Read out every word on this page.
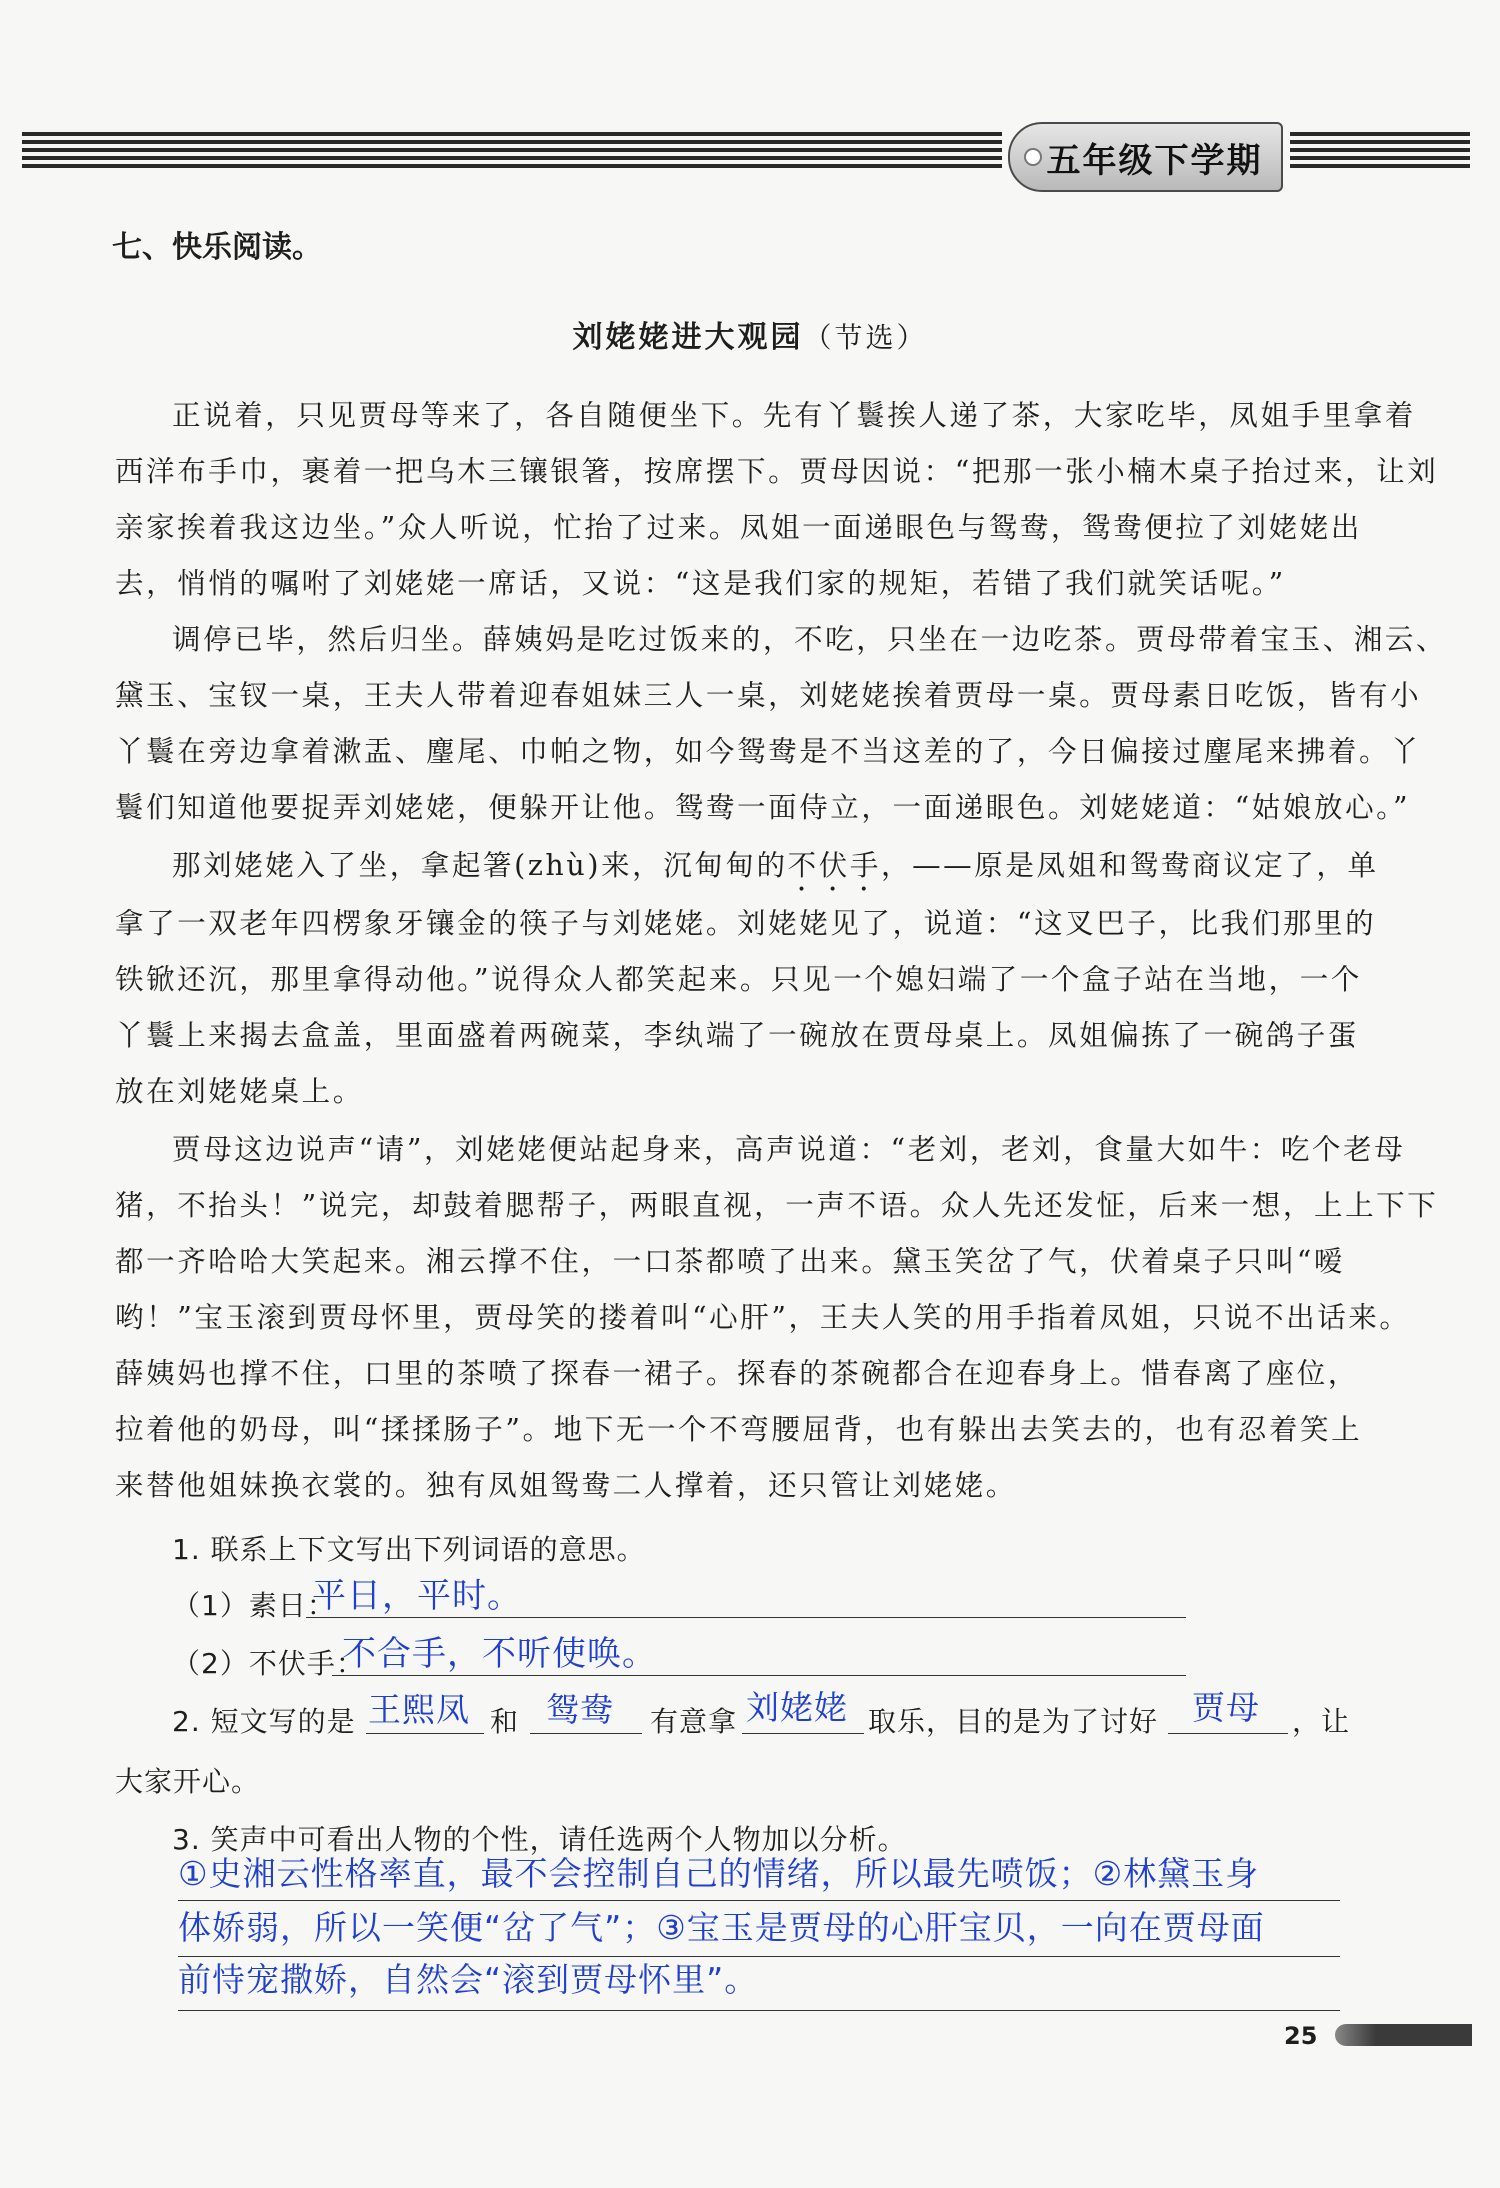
五年级下学期
七、快乐阅读。
刘姥姥进大观园（节选）
正说着，只见贾母等来了，各自随便坐下。先有丫鬟挨人递了茶，大家吃毕，凤姐手里拿着
西洋布手巾，裹着一把乌木三镶银箸，按席摆下。贾母因说：“把那一张小楠木桌子抬过来，让刘
亲家挨着我这边坐。”众人听说，忙抬了过来。凤姐一面递眼色与鸳鸯，鸳鸯便拉了刘姥姥出
去，悄悄的嘱咐了刘姥姥一席话，又说：“这是我们家的规矩，若错了我们就笑话呢。”
调停已毕，然后归坐。薛姨妈是吃过饭来的，不吃，只坐在一边吃茶。贾母带着宝玉、湘云、
黛玉、宝钗一桌，王夫人带着迎春姐妹三人一桌，刘姥姥挨着贾母一桌。贾母素日吃饭，皆有小
丫鬟在旁边拿着漱盂、麈尾、巾帕之物，如今鸳鸯是不当这差的了，今日偏接过麈尾来拂着。丫
鬟们知道他要捉弄刘姥姥，便躲开让他。鸳鸯一面侍立，一面递眼色。刘姥姥道：“姑娘放心。”
那刘姥姥入了坐，拿起箸(zhù)来，沉甸甸的不伏手，——原是凤姐和鸳鸯商议定了，单
拿了一双老年四楞象牙镶金的筷子与刘姥姥。刘姥姥见了，说道：“这叉巴子，比我们那里的
铁锨还沉，那里拿得动他。”说得众人都笑起来。只见一个媳妇端了一个盒子站在当地，一个
丫鬟上来揭去盒盖，里面盛着两碗菜，李纨端了一碗放在贾母桌上。凤姐偏拣了一碗鸽子蛋
放在刘姥姥桌上。
贾母这边说声“请”，刘姥姥便站起身来，高声说道：“老刘，老刘，食量大如牛：吃个老母
猪，不抬头！”说完，却鼓着腮帮子，两眼直视，一声不语。众人先还发怔，后来一想，上上下下
都一齐哈哈大笑起来。湘云撑不住，一口茶都喷了出来。黛玉笑岔了气，伏着桌子只叫“嗳
哟！”宝玉滚到贾母怀里，贾母笑的搂着叫“心肝”，王夫人笑的用手指着凤姐，只说不出话来。
薛姨妈也撑不住，口里的茶喷了探春一裙子。探春的茶碗都合在迎春身上。惜春离了座位，
拉着他的奶母，叫“揉揉肠子”。地下无一个不弯腰屈背，也有躲出去笑去的，也有忍着笑上
来替他姐妹换衣裳的。独有凤姐鸳鸯二人撑着，还只管让刘姥姥。
1. 联系上下文写出下列词语的意思。
（1）素日：
平日，平时。
（2）不伏手：
不合手，不听使唤。
2. 短文写的是 王熙凤 和 鸳鸯 有意拿 刘姥姥 取乐，目的是为了讨好 贾母 ，让
大家开心。
3. 笑声中可看出人物的个性，请任选两个人物加以分析。
①史湘云性格率直，最不会控制自己的情绪，所以最先喷饭；②林黛玉身
体娇弱，所以一笑便“岔了气”；③宝玉是贾母的心肝宝贝，一向在贾母面
前恃宠撒娇，自然会“滚到贾母怀里”。
25
